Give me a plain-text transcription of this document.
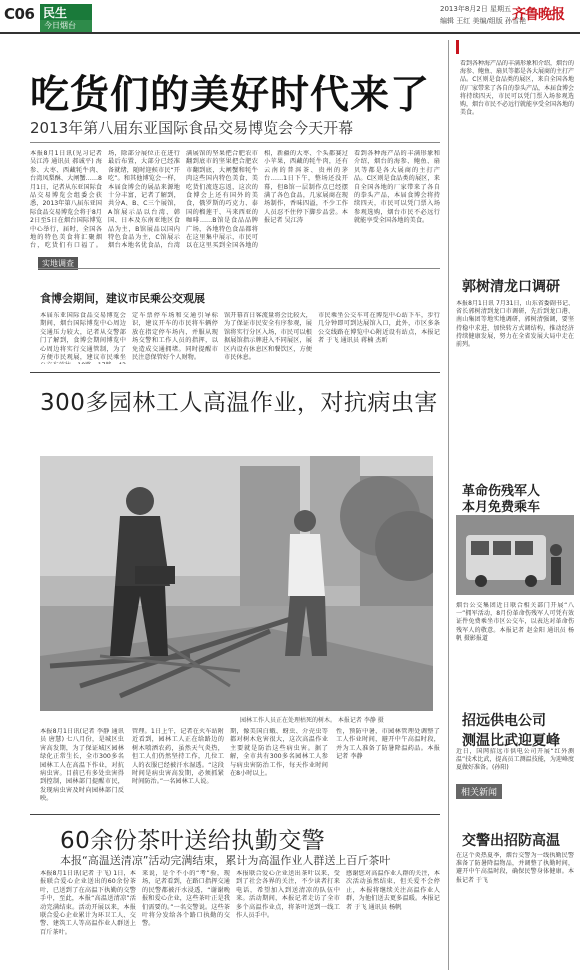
C06 民生
今日烟台
2013年8月2日 星期五
编辑 王红 美编/组版 孙雪艳
齐鲁晚报
吃货们的美好时代来了
2013年第八届东亚国际食品交易博览会今天开幕
本报8月1日讯(见习记者 吴江涛 通讯员 郝诚平) 海参、大枣、西藏牦牛肉、台湾凤梨酥、大闸蟹……8月1日，记者从东亚国际食品交易博览会组委会获悉，2013年第八届东亚国际食品交易博览会将于8月2日至5日在烟台国际博览中心举行，届时，全国各地的特色美食将汇聚烟台，吃货们有口福了。
场，除部分展位正在进行最后布置，大部分已经准备就绪，随时迎候市民“开吃”。和其他博览会一样，本届食博会的展品来源地十分丰富，记者了解到，共分A、B、C三个展馆，A馆展示品以台湾、韩国、日本及东南亚地区食品为主，B馆展品以国内特色食品为主，C馆展示烟台本地名优食品，台湾
满展馆的坚果把合肥农市翻到底市的坚果把合肥农市翻到底，大闸蟹和牦牛肉这些国内特色美食，美吃货们流连忘返，这次的食博会上还有国外的美食，俄罗斯的巧克力、泰国的榴莲干、马来西亚的咖啡……B馆是食品品牌广场，各地特色食品都将在这里集中展示，市民可以在这里买到全国各地的
相，新疆的大枣、个头都赛过小苹果，西藏的牦牛肉，还有云南的普洱茶、贵州的茅台……1日下午，整场还没开幕，但B馆一层制作点已经摆满了各色食品，几家展商在现场制作，香味四溢，不少工作人员忍不住停下脚步品尝。本报记者 吴江涛
看到各种海产品的丰满形象和介绍，烟台的海参、鲍鱼、扇贝等都是各大展商的主打产品。C区则是食品类的展区，来自全国各地的厂家带来了各自的拳头产品，本届食博会将持续四天，市民可以凭门票入场参观选购，烟台市民不必远行就能享受全国各地的美食。
实地调查
食博会期间，建议市民乘公交观展
本届东亚国际食品交易博览会期间，烟台国际博览中心周边交通压力较大，记者从交警部门了解到，食博会期间博览中心周边将实行交通管制，为了方便市民观展，建议市民乘坐
定车票停车场和交通引导标识，建议开车的市民将车辆停放在指定停车场内，并服从现场交警和工作人员的指挥，以免造成交通拥堵。同时提醒市民注意保管好个人财物。
馆开幕首日客流量将会比较大，为了保证市民安全有序参观，展馆将实行分区入场，市民可以根据展馆指示牌进入不同展区，展区内设有休息区和餐饮区，方便市民休息。
市民乘坐公交车可在博览中心站下车，步行几分钟即可到达展馆入口，此外，市区多条公交线路在博览中心附近设有站点，本报记者 于飞 通讯员 蒋楠 杰昕
300多园林工人高温作业，对抗病虫害
园林工作人员正在处理枯死的树木。 本报记者 李静 摄
本报8月1日讯(记者 李静 通讯员 唐慧) 七八月份，是城区虫害高发期，为了保证城区园林绿化正常生长，全市300多名园林工人在高温下作业，对抗病虫害。目前已有多处虫害得到控制，园林部门提醒市民，发现病虫害及时向园林部门反映。
管理。1日上午，记者在火车站附近看到，园林工人正在给路边的树木喷洒农药，虽然天气炎热，但工人们仍然坚持工作，几位工人的衣服已经被汗水湿透。“这段时间是病虫害高发期，必须抓紧时间防治。”一名园林工人说。
期，像美国白蛾、蚜虫、介壳虫等都对树木危害很大，这次高温作业主要就是防治这些病虫害。据了解，全市共有300多名园林工人参与病虫害防治工作，每天作业时间在8小时以上。
性，预防中暑，市园林管理处调整了工人作业时间，避开中午高温时段，并为工人准备了防暑降温药品。本报记者 李静
60余份茶叶送给执勤交警
本报“高温送清凉”活动完满结束，累计为高温作业人群送上百斤茶叶
本报8月1日讯(记者 于飞) 1日，本报联合爱心企业送出的60余份茶叶，已送到了在高温下执勤的交警手中，至此，本报“高温送清凉”活动完满结束。活动开展以来，本报联合爱心企业累计为环卫工人、交警、建筑工人等高温作业人群送上百斤茶叶。
来说，是个不小的“考”验，现场，记者看到，在路口指挥交通的民警都被汗水浸透，“谢谢晚报和爱心企业，这些茶叶正是我们需要的。”一名交警说。这些茶叶将分发给各个路口执勤的交警。
本报联合爱心企业送出茶叶以来，受到了社会各界的关注，不少读者打来电话，希望加入到送清凉的队伍中来。活动期间，本报记者走访了全市多个高温作业点，将茶叶送到一线工作人员手中。
感谢您对高温作业人群的关注，本次活动虽然结束，但关爱不会停止，本报将继续关注高温作业人群，为他们送去更多温暖。本报记者 于飞 通讯员 杨帆
看到各种海产品的丰满形象和介绍，烟台的海参、鲍鱼、扇贝等都是各大展商的主打产品。C区则是食品类的展区，来自全国各地的厂家带来了各自的拳头产品，本届食博会将持续四天，市民可以凭门票入场参观选购，烟台市民不必远行就能享受全国各地的美食。
郭树清龙口调研
本报8月1日讯 7月31日，山东省委副书记、省长郭树清到龙口市调研，先后到龙口港、南山集团等地实地调研，郭树清强调，要坚持稳中求进，加快转方式调结构，推动经济持续健康发展，努力在全省发展大局中走在前列。
革命伤残军人
本月免费乘车
烟台公交集团近日联合相关部门开展“八一”拥军活动，8月份革命伤残军人可凭有效证件免费乘坐市区公交车，以表达对革命伤残军人的敬意。本报记者 赵金阳 通讯员 杨帆 摄影报道
招远供电公司
测温比武迎夏峰
近日，国网招远市供电公司开展“红外测温”技术比武，提高员工测温技能，为迎峰度夏做好准备。(孙阳)
相关新闻
交警出招防高温
在这个炎热夏季，烟台交警为一线执勤民警准备了防暑降温物品，并调整了执勤时间，避开中午高温时段，确保民警身体健康。本报记者 于飞
